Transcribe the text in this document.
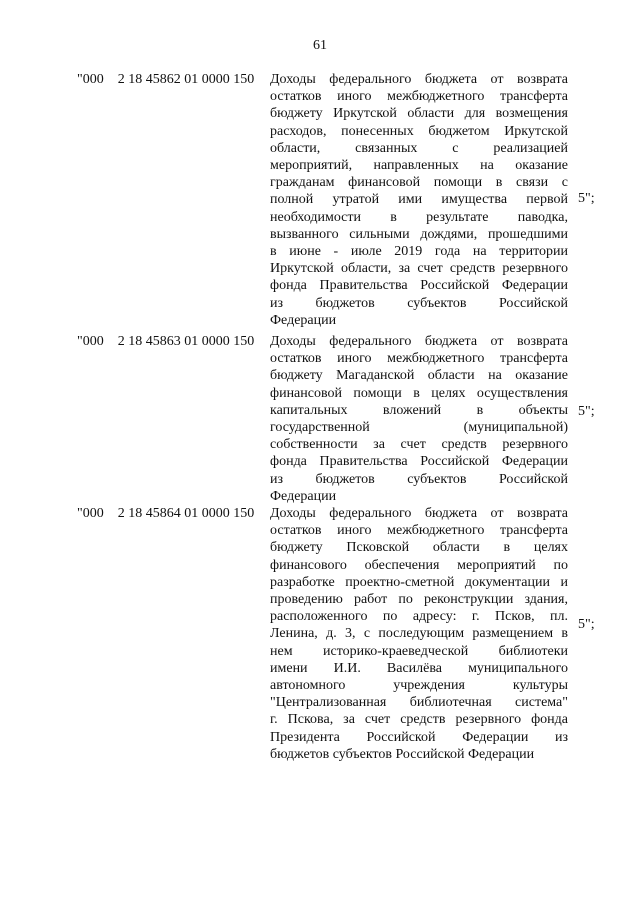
61
"000 2 18 45862 01 0000 150 Доходы федерального бюджета от возврата
остатков иного межбюджетного трансферта
бюджету Иркутской области для возмещения
расходов, понесенных бюджетом Иркутской
области, связанных с реализацией
мероприятий, направленных на оказание
гражданам финансовой помощи в связи с
полной утратой ими имущества первой
необходимости в результате паводка,
вызванного сильными дождями, прошедшими
в июне - июле 2019 года на территории
Иркутской области, за счет средств резервного
фонда Правительства Российской Федерации
из бюджетов субъектов Российской
Федерации
5";
"000 2 18 45863 01 0000 150 Доходы федерального бюджета от возврата
остатков иного межбюджетного трансферта
бюджету Магаданской области на оказание
финансовой помощи в целях осуществления
капитальных вложений в объекты
государственной (муниципальной)
собственности за счет средств резервного
фонда Правительства Российской Федерации
из бюджетов субъектов Российской
Федерации
5";
"000 2 18 45864 01 0000 150 Доходы федерального бюджета от возврата
остатков иного межбюджетного трансферта
бюджету Псковской области в целях
финансового обеспечения мероприятий по
разработке проектно-сметной документации и
проведению работ по реконструкции здания,
расположенного по адресу: г. Псков, пл.
Ленина, д. 3, с последующим размещением в
нем историко-краеведческой библиотеки
имени И.И. Василёва муниципального
автономного учреждения культуры
"Централизованная библиотечная система"
г. Пскова, за счет средств резервного фонда
Президента Российской Федерации из
бюджетов субъектов Российской Федерации
5";
